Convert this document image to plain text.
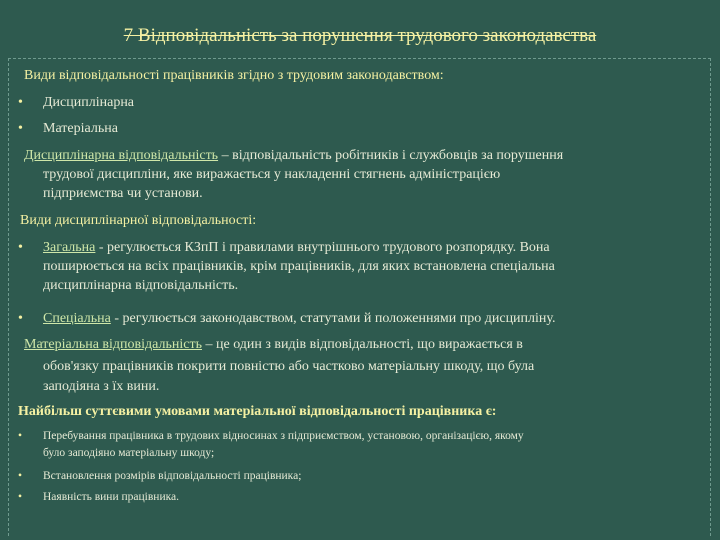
7 Відповідальність за порушення трудового законодавства
Види відповідальності працівників згідно з трудовим законодавством:
• Дисциплінарна
• Матеріальна
Дисциплінарна відповідальність – відповідальність робітників і службовців за порушення
трудової дисципліни, яке виражається у накладенні стягнень адміністрацією
підприємства чи установи.
Види дисциплінарної відповідальності:
• Загальна - регулюється КЗпП і правилами внутрішнього трудового розпорядку. Вона
поширюється на всіх працівників, крім працівників, для яких встановлена спеціальна
дисциплінарна відповідальність.
• Спеціальна - регулюється законодавством, статутами й положеннями про дисципліну.
Матеріальна відповідальність – це один з видів відповідальності, що виражається в
обов'язку працівників покрити повністю або частково матеріальну шкоду, що була
заподіяна з їх вини.
Найбільш суттєвими умовами матеріальної відповідальності працівника є:
• Перебування працівника в трудових відносинах з підприємством, установою, організацією, якому
було заподіяно матеріальну шкоду;
• Встановлення розмірів відповідальності працівника;
• Наявність вини працівника.
